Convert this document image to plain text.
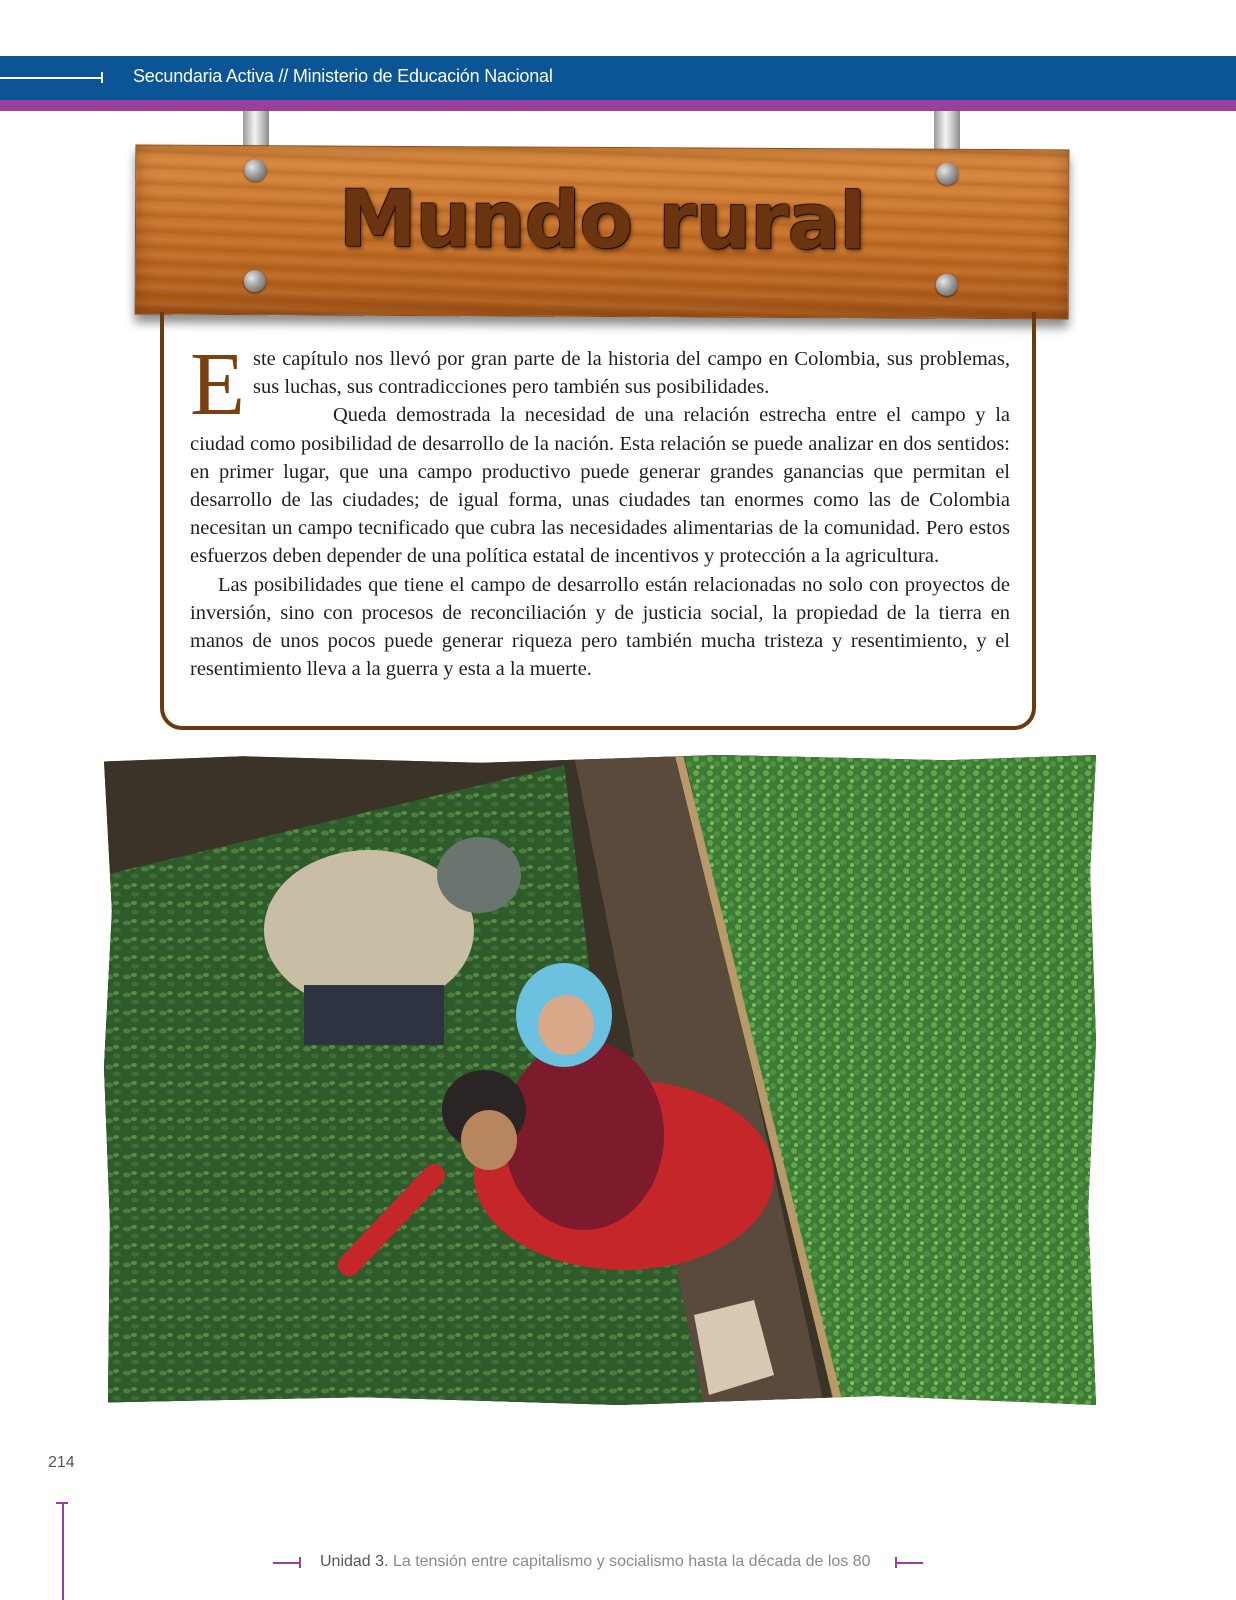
Secundaria Activa // Ministerio de Educación Nacional
Mundo rural

Este capítulo nos llevó por gran parte de la historia del campo en Colombia, sus problemas, sus luchas, sus contradicciones pero también sus posibilidades.

Queda demostrada la necesidad de una relación estrecha entre el campo y la ciudad como posibilidad de desarrollo de la nación. Esta relación se puede analizar en dos sentidos: en primer lugar, que una campo productivo puede generar grandes ganancias que permitan el desarrollo de las ciudades; de igual forma, unas ciudades tan enormes como las de Colombia necesitan un campo tecnificado que cubra las necesidades alimentarias de la comunidad. Pero estos esfuerzos deben depender de una política estatal de incentivos y protección a la agricultura.

Las posibilidades que tiene el campo de desarrollo están relacionadas no solo con proyectos de inversión, sino con procesos de reconciliación y de justicia social, la propiedad de la tierra en manos de unos pocos puede generar riqueza pero también mucha tristeza y resentimiento, y el resentimiento lleva a la guerra y esta a la muerte.

214
Unidad 3. La tensión entre capitalismo y socialismo hasta la década de los 80
